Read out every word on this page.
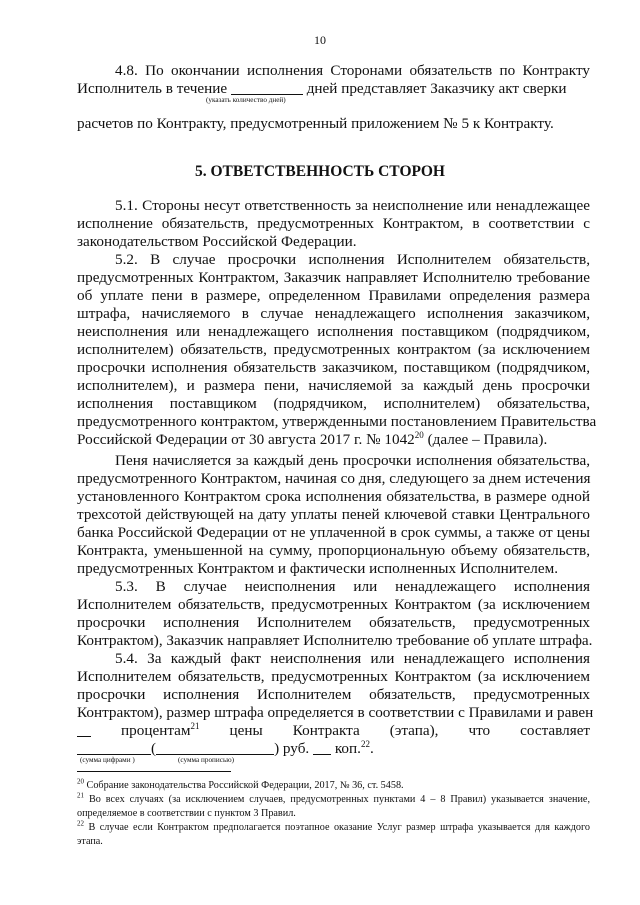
10
4.8. По окончании исполнения Сторонами обязательств по Контракту
Исполнитель в течение	дней представляет Заказчику акт сверки
(указать количество дней)
расчетов по Контракту, предусмотренный приложением № 5 к Контракту.
5. ОТВЕТСТВЕННОСТЬ СТОРОН
5.1. Стороны несут ответственность за неисполнение или ненадлежащее
исполнение обязательств, предусмотренных Контрактом, в соответствии с
законодательством Российской Федерации.
5.2. В случае просрочки исполнения Исполнителем обязательств,
предусмотренных Контрактом, Заказчик направляет Исполнителю требование
об уплате пени в размере, определенном Правилами определения размера
штрафа, начисляемого в случае ненадлежащего исполнения заказчиком,
неисполнения или ненадлежащего исполнения поставщиком (подрядчиком,
исполнителем) обязательств, предусмотренных контрактом (за исключением
просрочки исполнения обязательств заказчиком, поставщиком (подрядчиком,
исполнителем), и размера пени, начисляемой за каждый день просрочки
исполнения поставщиком (подрядчиком, исполнителем) обязательства,
предусмотренного контрактом, утвержденными постановлением Правительства
Российской Федерации от 30 августа 2017 г. № 1042$^{20}$ (далее – Правила).
Пеня начисляется за каждый день просрочки исполнения обязательства,
предусмотренного Контрактом, начиная со дня, следующего за днем истечения
установленного Контрактом срока исполнения обязательства, в размере одной
трехсотой действующей на дату уплаты пеней ключевой ставки Центрального
банка Российской Федерации от не уплаченной в срок суммы, а также от цены
Контракта, уменьшенной на сумму, пропорциональную объему обязательств,
предусмотренных Контрактом и фактически исполненных Исполнителем.
5.3. В случае неисполнения или ненадлежащего исполнения
Исполнителем обязательств, предусмотренных Контрактом (за исключением
просрочки исполнения Исполнителем обязательств, предусмотренных
Контрактом), Заказчик направляет Исполнителю требование об уплате штрафа.
5.4. За каждый факт неисполнения или ненадлежащего исполнения
Исполнителем обязательств, предусмотренных Контрактом (за исключением
просрочки исполнения Исполнителем обязательств, предусмотренных
Контрактом), размер штрафа определяется в соответствии с Правилами и равен
процентам$^{21}$ цены Контракта (этапа), что составляет
(	) руб. коп.$^{22}$.
(сумма цифрами )	(сумма прописью)
$^{20}$ Собрание законодательства Российской Федерации, 2017, № 36, ст. 5458.
$^{21}$ Во всех случаях (за исключением случаев, предусмотренных пунктами 4 – 8 Правил) указывается значение,
определяемое в соответствии с пунктом 3 Правил.
$^{22}$ В случае если Контрактом предполагается поэтапное оказание Услуг размер штрафа указывается для каждого
этапа.
